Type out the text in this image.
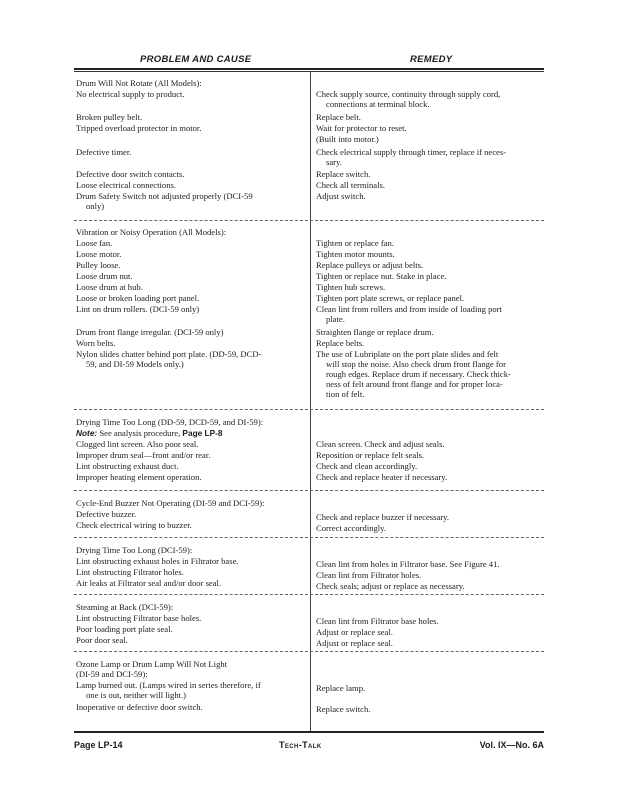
PROBLEM AND CAUSE	REMEDY
Drum Will Not Rotate (All Models):
No electrical supply to product.	Check supply source, continuity through supply cord,
connections at terminal block.
Broken pulley belt.	Replace belt.
Tripped overload protector in motor.	Wait for protector to reset.
(Built into motor.)
Defective timer.	Check electrical supply through timer, replace if neces-
sary.
Defective door switch contacts.	Replace switch.
Loose electrical connections.	Check all terminals.
Drum Safety Switch not adjusted properly (DCI-59	Adjust switch.
only)
Vibration or Noisy Operation (All Models):
Loose fan.	Tighten or replace fan.
Loose motor.	Tighten motor mounts.
Pulley loose.	Replace pulleys or adjust belts.
Loose drum nut.	Tighten or replace nut. Stake in place.
Loose drum at hub.	Tighten hub screws.
Loose or broken loading port panel.	Tighten port plate screws, or replace panel.
Lint on drum rollers. (DCI-59 only)	Clean lint from rollers and from inside of loading port
plate.
Drum front flange irregular. (DCI-59 only)	Straighten flange or replace drum.
Worn belts.	Replace belts.
Nylon slides chatter behind port plate. (DD-59, DCD-	The use of Lubriplate on the port plate slides and felt
59, and DI-59 Models only.)	will stop the noise. Also check drum front flange for
rough edges. Replace drum if necessary. Check thick-
ness of felt around front flange and for proper loca-
tion of felt.
Drying Time Too Long (DD-59, DCD-59, and DI-59):
Note: See analysis procedure, Page LP-8
Clogged lint screen. Also poor seal.	Clean screen. Check and adjust seals.
Improper drum seal—front and/or rear.	Reposition or replace felt seals.
Lint obstructing exhaust duct.	Check and clean accordingly.
Improper heating element operation.	Check and replace heater if necessary.
Cycle-End Buzzer Not Operating (DI-59 and DCI-59):
Defective buzzer.	Check and replace buzzer if necessary.
Check electrical wiring to buzzer.	Correct accordingly.
Drying Time Too Long (DCI-59):
Lint obstructing exhaust holes in Filtrator base.	Clean lint from holes in Filtrator base. See Figure 41.
Lint obstructing Filtrator holes.	Clean lint from Filtrator holes.
Air leaks at Filtrator seal and/or door seal.	Check seals; adjust or replace as necessary.
Steaming at Back (DCI-59):
Lint obstructing Filtrator base holes.	Clean lint from Filtrator base holes.
Poor loading port plate seal.	Adjust or replace seal.
Poor door seal.	Adjust or replace seal.
Ozone Lamp or Drum Lamp Will Not Light
(DI-59 and DCI-59):
Lamp burned out. (Lamps wired in series therefore, if	Replace lamp.
one is out, neither will light.)
Inoperative or defective door switch.	Replace switch.
Page LP-14	Tech-Talk	Vol. IX—No. 6A
